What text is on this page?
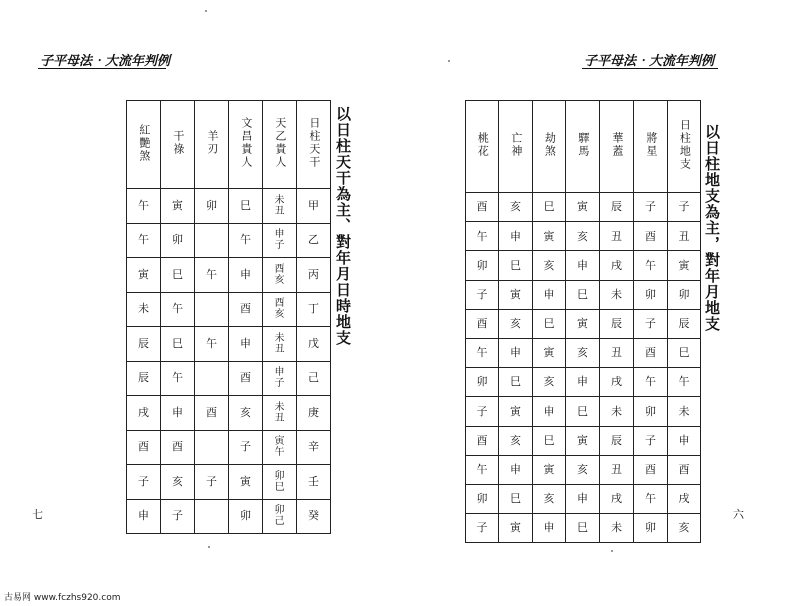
子平母法‧大流年判例
紅艷煞	干祿	羊刃	文昌貴人	天乙貴人	日柱天干
午	寅	卯	巳	未丑	甲
午	卯		午	申子	乙
寅	巳	午	申	酉亥	丙
未	午		酉	酉亥	丁
辰	巳	午	申	未丑	戊
辰	午		酉	申子	己
戌	申	酉	亥	未丑	庚
酉	酉		子	寅午	辛
子	亥	子	寅	卯巳	壬
申	子		卯	卯己	癸
以日柱天干為主、對年月日時地支
七
子平母法‧大流年判例
桃花	亡神	劫煞	驛馬	華蓋	將星	日柱地支
酉	亥	巳	寅	辰	子	子
午	申	寅	亥	丑	酉	丑
卯	巳	亥	申	戌	午	寅
子	寅	申	巳	未	卯	卯
酉	亥	巳	寅	辰	子	辰
午	申	寅	亥	丑	酉	巳
卯	巳	亥	申	戌	午	午
子	寅	申	巳	未	卯	未
酉	亥	巳	寅	辰	子	申
午	申	寅	亥	丑	酉	酉
卯	巳	亥	申	戌	午	戌
子	寅	申	巳	未	卯	亥
以日柱地支為主，對年月地支
六
古易网 www.fczhs920.com
